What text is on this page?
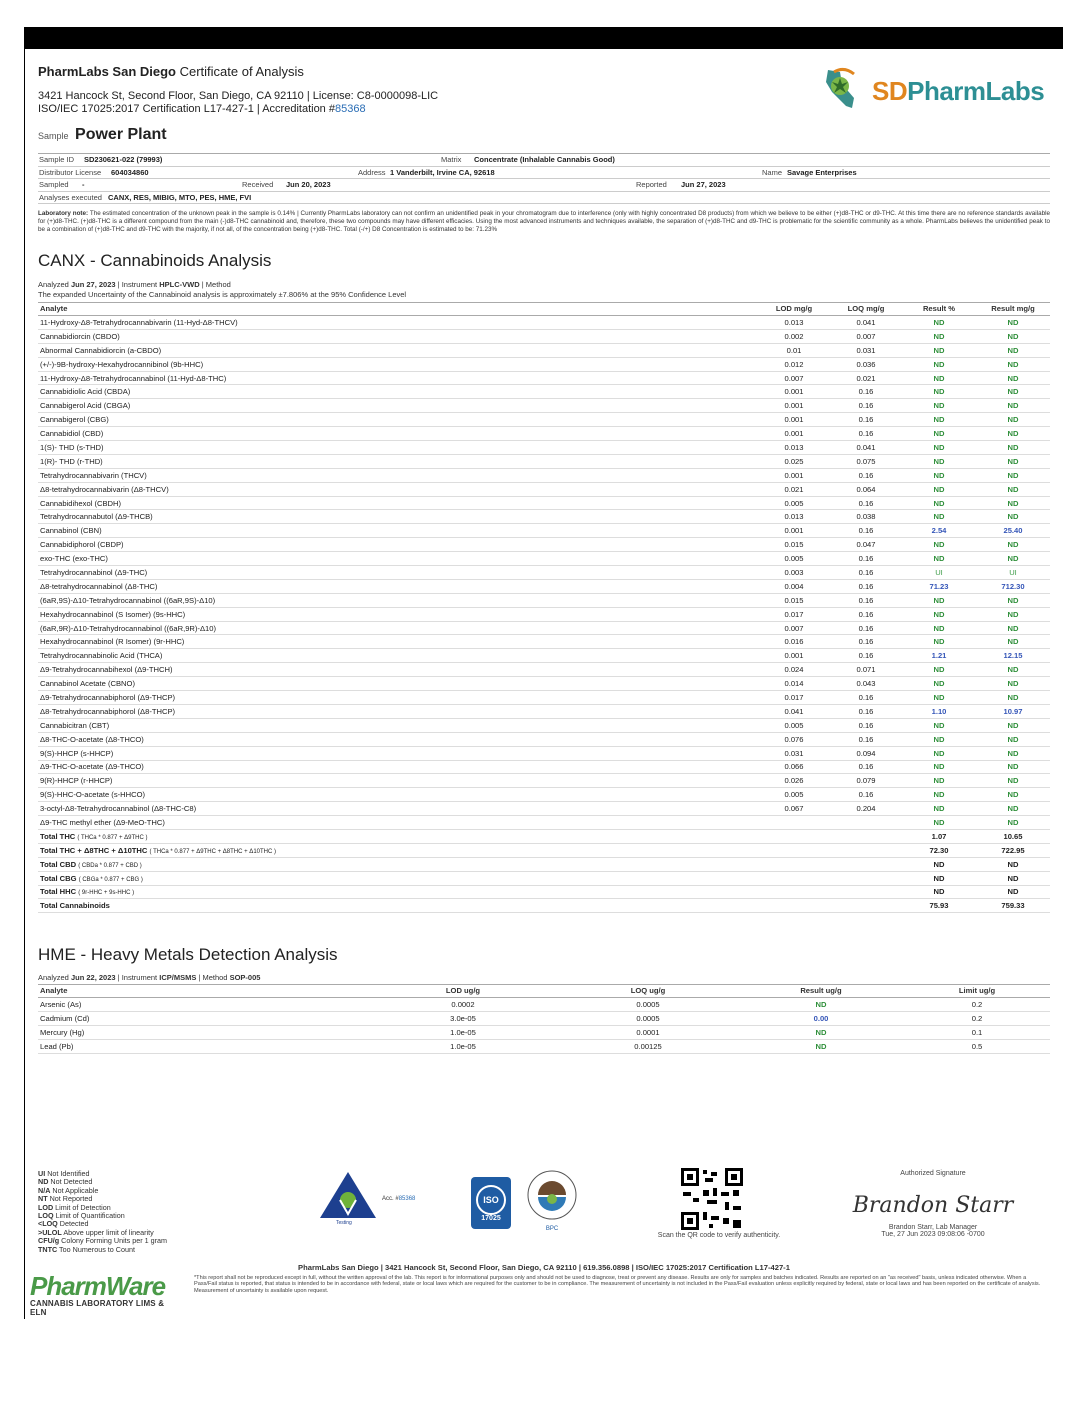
PharmLabs San Diego Certificate of Analysis
3421 Hancock St, Second Floor, San Diego, CA 92110 | License: C8-0000098-LIC
ISO/IEC 17025:2017 Certification L17-427-1 | Accreditation #85368
SDPharmLabs
Sample Power Plant
Sample ID SD230621-022 (79993)	Matrix Concentrate (Inhalable Cannabis Good)
Distributor License 604034860	Address 1 Vanderbilt, Irvine CA, 92618	Name Savage Enterprises
Sampled -	Received Jun 20, 2023	Reported Jun 27, 2023
Analyses executed CANX, RES, MIBIG, MTO, PES, HME, FVI
Laboratory note: The estimated concentration of the unknown peak in the sample is 0.14% | Currently PharmLabs laboratory can not confirm an unidentified peak in your chromatogram due to interference (only with highly concentrated D8 products) from which we believe to be either (+)d8-THC or d9-THC. At this time there are no reference standards available for (+)d8-THC. (+)d8-THC is a different compound from the main (-)d8-THC cannabinoid and, therefore, these two compounds may have different efficacies. Using the most advanced instruments and techniques available, the separation of (+)d8-THC and d9-THC is problematic for the scientific community as a whole. PharmLabs believes the unidentified peak to be a combination of (+)d8-THC and d9-THC with the majority, if not all, of the concentration being (+)d8-THC. Total (-/+) D8 Concentration is estimated to be: 71.23%
CANX - Cannabinoids Analysis
Analyzed Jun 27, 2023 | Instrument HPLC-VWD | Method
The expanded Uncertainty of the Cannabinoid analysis is approximately ±7.806% at the 95% Confidence Level
Analyte	LOD mg/g	LOQ mg/g	Result %	Result mg/g
11-Hydroxy-Δ8-Tetrahydrocannabivarin (11-Hyd-Δ8-THCV)	0.013	0.041	ND	ND
Cannabidiorcin (CBDO)	0.002	0.007	ND	ND
Abnormal Cannabidiorcin (a-CBDO)	0.01	0.031	ND	ND
(+/-)-9B-hydroxy-Hexahydrocannibinol (9b-HHC)	0.012	0.036	ND	ND
11-Hydroxy-Δ8-Tetrahydrocannabinol (11-Hyd-Δ8-THC)	0.007	0.021	ND	ND
Cannabidiolic Acid (CBDA)	0.001	0.16	ND	ND
Cannabigerol Acid (CBGA)	0.001	0.16	ND	ND
Cannabigerol (CBG)	0.001	0.16	ND	ND
Cannabidiol (CBD)	0.001	0.16	ND	ND
1(S)- THD (s-THD)	0.013	0.041	ND	ND
1(R)- THD (r-THD)	0.025	0.075	ND	ND
Tetrahydrocannabivarin (THCV)	0.001	0.16	ND	ND
Δ8-tetrahydrocannabivarin (Δ8-THCV)	0.021	0.064	ND	ND
Cannabidihexol (CBDH)	0.005	0.16	ND	ND
Tetrahydrocannabutol (Δ9-THCB)	0.013	0.038	ND	ND
Cannabinol (CBN)	0.001	0.16	2.54	25.40
Cannabidiphorol (CBDP)	0.015	0.047	ND	ND
exo-THC (exo-THC)	0.005	0.16	ND	ND
Tetrahydrocannabinol (Δ9-THC)	0.003	0.16	UI	UI
Δ8-tetrahydrocannabinol (Δ8-THC)	0.004	0.16	71.23	712.30
(6aR,9S)-Δ10-Tetrahydrocannabinol ((6aR,9S)-Δ10)	0.015	0.16	ND	ND
Hexahydrocannabinol (S Isomer) (9s-HHC)	0.017	0.16	ND	ND
(6aR,9R)-Δ10-Tetrahydrocannabinol ((6aR,9R)-Δ10)	0.007	0.16	ND	ND
Hexahydrocannabinol (R Isomer) (9r-HHC)	0.016	0.16	ND	ND
Tetrahydrocannabinolic Acid (THCA)	0.001	0.16	1.21	12.15
Δ9-Tetrahydrocannabihexol (Δ9-THCH)	0.024	0.071	ND	ND
Cannabinol Acetate (CBNO)	0.014	0.043	ND	ND
Δ9-Tetrahydrocannabiphorol (Δ9-THCP)	0.017	0.16	ND	ND
Δ8-Tetrahydrocannabiphorol (Δ8-THCP)	0.041	0.16	1.10	10.97
Cannabicitran (CBT)	0.005	0.16	ND	ND
Δ8-THC-O-acetate (Δ8-THCO)	0.076	0.16	ND	ND
9(S)-HHCP (s-HHCP)	0.031	0.094	ND	ND
Δ9-THC-O-acetate (Δ9-THCO)	0.066	0.16	ND	ND
9(R)-HHCP (r-HHCP)	0.026	0.079	ND	ND
9(S)-HHC-O-acetate (s-HHCO)	0.005	0.16	ND	ND
3-octyl-Δ8-Tetrahydrocannabinol (Δ8-THC-C8)	0.067	0.204	ND	ND
Δ9-THC methyl ether (Δ9-MeO-THC)			ND	ND
Total THC ( THCa * 0.877 + Δ9THC )			1.07	10.65
Total THC + Δ8THC + Δ10THC ( THCa * 0.877 + Δ9THC + Δ8THC + Δ10THC )			72.30	722.95
Total CBD ( CBDa * 0.877 + CBD )			ND	ND
Total CBG ( CBGa * 0.877 + CBG )			ND	ND
Total HHC ( 9r-HHC + 9s-HHC )			ND	ND
Total Cannabinoids			75.93	759.33
HME - Heavy Metals Detection Analysis
Analyzed Jun 22, 2023 | Instrument ICP/MSMS | Method SOP-005
Analyte	LOD ug/g	LOQ ug/g	Result ug/g	Limit ug/g
Arsenic (As)	0.0002	0.0005	ND	0.2
Cadmium (Cd)	3.0e-05	0.0005	0.00	0.2
Mercury (Hg)	1.0e-05	0.0001	ND	0.1
Lead (Pb)	1.0e-05	0.00125	ND	0.5
UI Not Identified
ND Not Detected
N/A Not Applicable
NT Not Reported
LOD Limit of Detection
LOQ Limit of Quantification
<LOQ Detected
>ULOL Above upper limit of linearity
CFU/g Colony Forming Units per 1 gram
TNTC Too Numerous to Count
PJLA
Testing
Acc. #85368	ISO
17025
BPC
Scan the QR code to verify authenticity.
Authorized Signature
Brandon Starr
Brandon Starr, Lab Manager
Tue, 27 Jun 2023 09:08:06 -0700
PharmLabs San Diego | 3421 Hancock St, Second Floor, San Diego, CA 92110 | 619.356.0898 | ISO/IEC 17025:2017 Certification L17-427-1
PharmWare
CANNABIS LABORATORY LIMS & ELN
*This report shall not be reproduced except in full, without the written approval of the lab. This report is for informational purposes only and should not be used to diagnose, treat or prevent any disease. Results are only for samples and batches indicated. Results are reported on an "as received" basis, unless indicated otherwise. When a Pass/Fail status is reported, that status is intended to be in accordance with federal, state or local laws which are required for the customer to be in compliance. The measurement of uncertainty is not included in the Pass/Fail evaluation unless explicitly required by federal, state or local laws and has been reported on the certificate of analysis. Measurement of uncertainty is available upon request.
